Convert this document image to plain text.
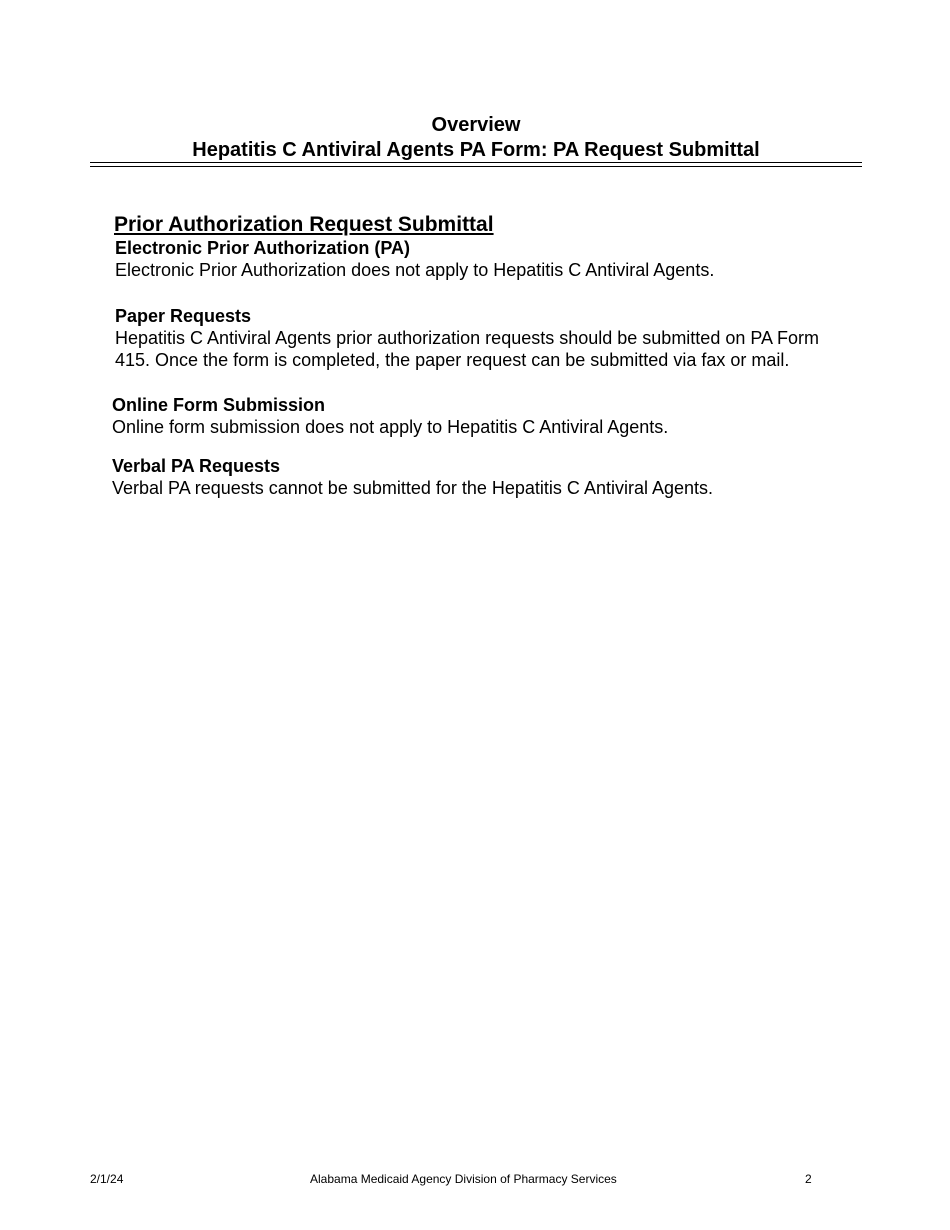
Overview
Hepatitis C Antiviral Agents PA Form: PA Request Submittal
Prior Authorization Request Submittal
Electronic Prior Authorization (PA)
Electronic Prior Authorization does not apply to Hepatitis C Antiviral Agents.
Paper Requests
Hepatitis C Antiviral Agents prior authorization requests should be submitted on PA Form
415. Once the form is completed, the paper request can be submitted via fax or mail.
Online Form Submission
Online form submission does not apply to Hepatitis C Antiviral Agents.
Verbal PA Requests
Verbal PA requests cannot be submitted for the Hepatitis C Antiviral Agents.
2/1/24	Alabama Medicaid Agency Division of Pharmacy Services	2
